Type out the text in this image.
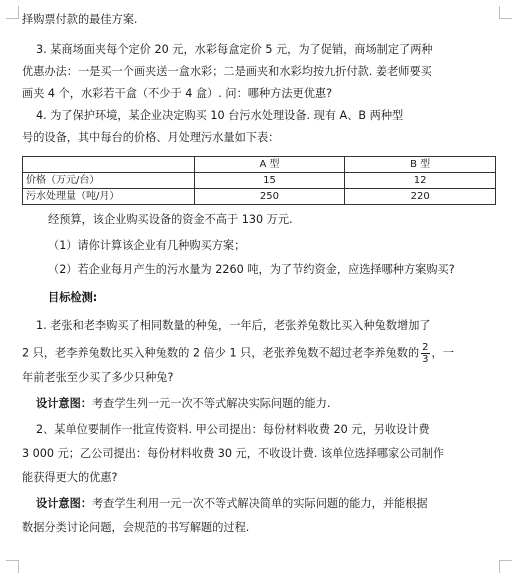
择购票付款的最佳方案.
3. 某商场面夹每个定价 20 元，水彩每盒定价 5 元，为了促销，商场制定了两种
优惠办法：一是买一个画夹送一盒水彩；二是画夹和水彩均按九折付款. 姜老师要买
画夹 4 个，水彩若干盒（不少于 4 盒）. 问：哪种方法更优惠?
4. 为了保护环境，某企业决定购买 10 台污水处理设备. 现有 A、B 两种型
号的设备，其中每台的价格、月处理污水量如下表：
	A 型	B 型
价格（万元/台）	15	12
污水处理量（吨/月）	250	220
经预算，该企业购买设备的资金不高于 130 万元.
（1）请你计算该企业有几种购买方案；
（2）若企业每月产生的污水量为 2260 吨，为了节约资金，应选择哪种方案购买?
目标检测:
1. 老张和老李购买了相同数量的种兔，一年后，老张养兔数比买入种兔数增加了
2 只，老李养兔数比买入种兔数的 2 倍少 1 只，老张养兔数不超过老李养兔数的 $\frac{2}{3}$ ，一
年前老张至少买了多少只种兔?
设计意图：考查学生列一元一次不等式解决实际问题的能力.
2、某单位要制作一批宣传资料. 甲公司提出：每份材料收费 20 元，另收设计费
3 000 元；乙公司提出：每份材料收费 30 元，不收设计费. 该单位选择哪家公司制作
能获得更大的优惠?
设计意图：考查学生利用一元一次不等式解决简单的实际问题的能力，并能根据
数据分类讨论问题，会规范的书写解题的过程.
